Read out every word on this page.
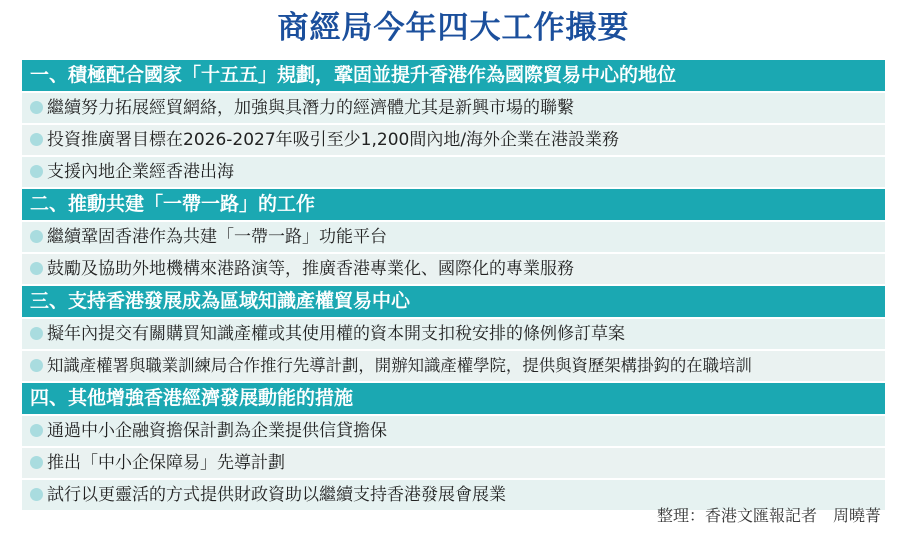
商經局今年四大工作撮要
一、積極配合國家「十五五」規劃，鞏固並提升香港作為國際貿易中心的地位
繼續努力拓展經貿網絡，加強與具潛力的經濟體尤其是新興市場的聯繫
投資推廣署目標在2026-2027年吸引至少1,200間內地/海外企業在港設業務
支援內地企業經香港出海
二、推動共建「一帶一路」的工作
繼續鞏固香港作為共建「一帶一路」功能平台
鼓勵及協助外地機構來港路演等，推廣香港專業化、國際化的專業服務
三、支持香港發展成為區域知識產權貿易中心
擬年內提交有關購買知識產權或其使用權的資本開支扣稅安排的條例修訂草案
知識產權署與職業訓練局合作推行先導計劃，開辦知識產權學院，提供與資歷架構掛鈎的在職培訓
四、其他增強香港經濟發展動能的措施
通過中小企融資擔保計劃為企業提供信貸擔保
推出「中小企保障易」先導計劃
試行以更靈活的方式提供財政資助以繼續支持香港發展會展業
整理：香港文匯報記者　周曉菁
